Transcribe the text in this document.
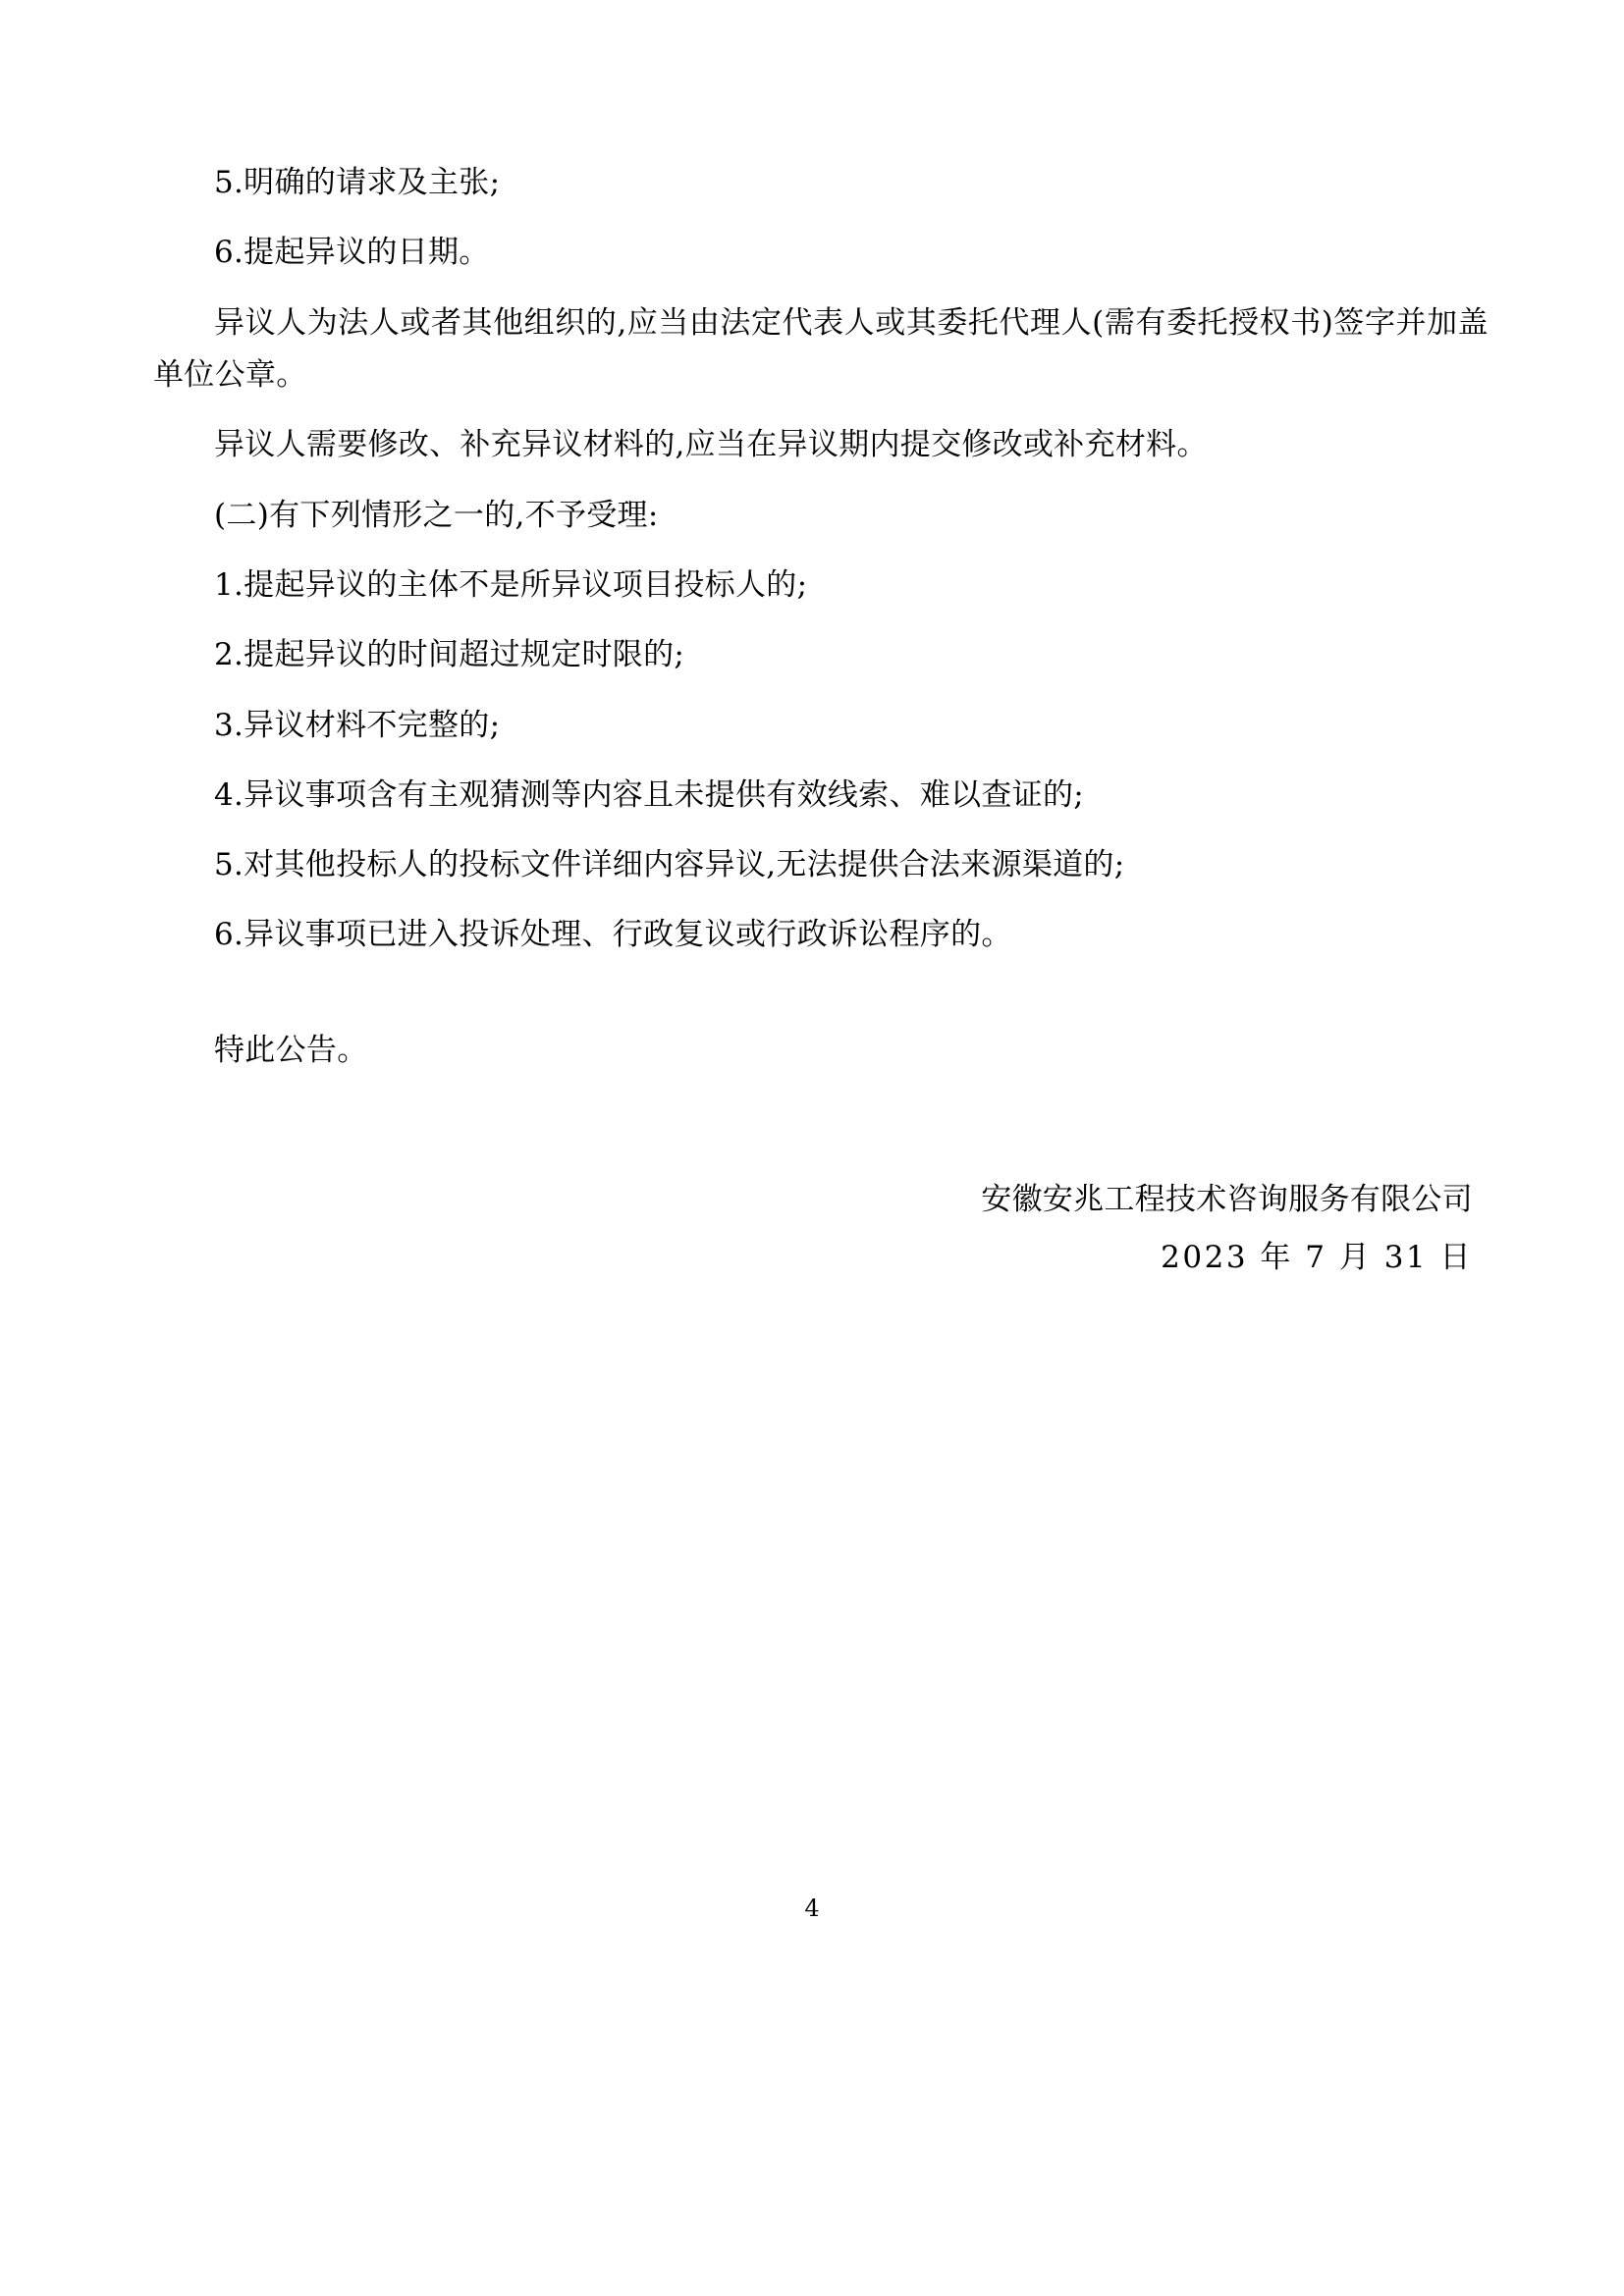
5.明确的请求及主张;

6.提起异议的日期。

异议人为法人或者其他组织的,应当由法定代表人或其委托代理人(需有委托授权书)签字并加盖单位公章。

异议人需要修改、补充异议材料的,应当在异议期内提交修改或补充材料。

(二)有下列情形之一的,不予受理:

1.提起异议的主体不是所异议项目投标人的;

2.提起异议的时间超过规定时限的;

3.异议材料不完整的;

4.异议事项含有主观猜测等内容且未提供有效线索、难以查证的;

5.对其他投标人的投标文件详细内容异议,无法提供合法来源渠道的;

6.异议事项已进入投诉处理、行政复议或行政诉讼程序的。

特此公告。

安徽安兆工程技术咨询服务有限公司

2023 年 7 月 31 日

4
